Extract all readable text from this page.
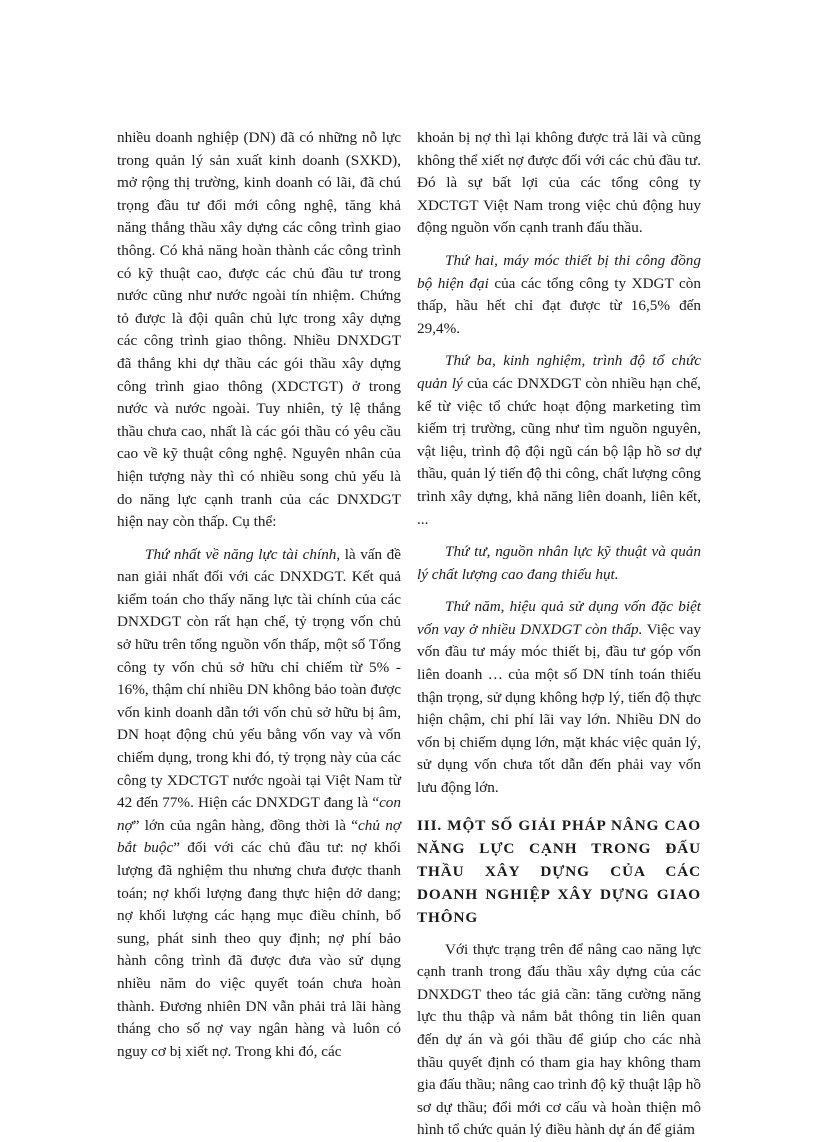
nhiều doanh nghiệp (DN) đã có những nỗ lực trong quản lý sản xuất kinh doanh (SXKD), mở rộng thị trường, kinh doanh có lãi, đã chú trọng đầu tư đổi mới công nghệ, tăng khả năng thắng thầu xây dựng các công trình giao thông. Có khả năng hoàn thành các công trình có kỹ thuật cao, được các chủ đầu tư trong nước cũng như nước ngoài tín nhiệm. Chứng tỏ được là đội quân chủ lực trong xây dựng các công trình giao thông. Nhiều DNXDGT đã thắng khi dự thầu các gói thầu xây dựng công trình giao thông (XDCTGT) ở trong nước và nước ngoài. Tuy nhiên, tỷ lệ thắng thầu chưa cao, nhất là các gói thầu có yêu cầu cao về kỹ thuật công nghệ. Nguyên nhân của hiện tượng này thì có nhiều song chủ yếu là do năng lực cạnh tranh của các DNXDGT hiện nay còn thấp. Cụ thể:

Thứ nhất về năng lực tài chính, là vấn đề nan giải nhất đối với các DNXDGT. Kết quả kiểm toán cho thấy năng lực tài chính của các DNXDGT còn rất hạn chế, tỷ trọng vốn chủ sở hữu trên tổng nguồn vốn thấp, một số Tổng công ty vốn chủ sở hữu chỉ chiếm từ 5% - 16%, thậm chí nhiều DN không bảo toàn được vốn kinh doanh dẫn tới vốn chủ sở hữu bị âm, DN hoạt động chủ yếu bằng vốn vay và vốn chiếm dụng, trong khi đó, tỷ trọng này của các công ty XDCTGT nước ngoài tại Việt Nam từ 42 đến 77%. Hiện các DNXDGT đang là “con nợ” lớn của ngân hàng, đồng thời là “chủ nợ bắt buộc” đối với các chủ đầu tư: nợ khối lượng đã nghiệm thu nhưng chưa được thanh toán; nợ khối lượng đang thực hiện dở dang; nợ khối lượng các hạng mục điều chỉnh, bổ sung, phát sinh theo quy định; nợ phí bảo hành công trình đã được đưa vào sử dụng nhiều năm do việc quyết toán chưa hoàn thành. Đương nhiên DN vẫn phải trả lãi hàng tháng cho số nợ vay ngân hàng và luôn có nguy cơ bị xiết nợ. Trong khi đó, các

khoản bị nợ thì lại không được trả lãi và cũng không thể xiết nợ được đối với các chủ đầu tư. Đó là sự bất lợi của các tổng công ty XDCTGT Việt Nam trong việc chủ động huy động nguồn vốn cạnh tranh đấu thầu.

Thứ hai, máy móc thiết bị thi công đồng bộ hiện đại của các tổng công ty XDGT còn thấp, hầu hết chỉ đạt được từ 16,5% đến 29,4%.

Thứ ba, kinh nghiệm, trình độ tổ chức quản lý của các DNXDGT còn nhiều hạn chế, kể từ việc tổ chức hoạt động marketing tìm kiếm trị trường, cũng như tìm nguồn nguyên, vật liệu, trình độ đội ngũ cán bộ lập hồ sơ dự thầu, quản lý tiến độ thi công, chất lượng công trình xây dựng, khả năng liên doanh, liên kết, ...

Thứ tư, nguồn nhân lực kỹ thuật và quản lý chất lượng cao đang thiếu hụt.

Thứ năm, hiệu quả sử dụng vốn đặc biệt vốn vay ở nhiều DNXDGT còn thấp. Việc vay vốn đầu tư máy móc thiết bị, đầu tư góp vốn liên doanh … của một số DN tính toán thiếu thận trọng, sử dụng không hợp lý, tiến độ thực hiện chậm, chi phí lãi vay lớn. Nhiều DN do vốn bị chiếm dụng lớn, mặt khác việc quản lý, sử dụng vốn chưa tốt dẫn đến phải vay vốn lưu động lớn.

III. MỘT SỐ GIẢI PHÁP NÂNG CAO NĂNG LỰC CẠNH TRONG ĐẤU THẦU XÂY DỰNG CỦA CÁC DOANH NGHIỆP XÂY DỰNG GIAO THÔNG

Với thực trạng trên để nâng cao năng lực cạnh tranh trong đấu thầu xây dựng của các DNXDGT theo tác giả cần: tăng cường năng lực thu thập và nắm bắt thông tin liên quan đến dự án và gói thầu để giúp cho các nhà thầu quyết định có tham gia hay không tham gia đấu thầu; nâng cao trình độ kỹ thuật lập hồ sơ dự thầu; đổi mới cơ cấu và hoàn thiện mô hình tổ chức quản lý điều hành dự án để giảm
